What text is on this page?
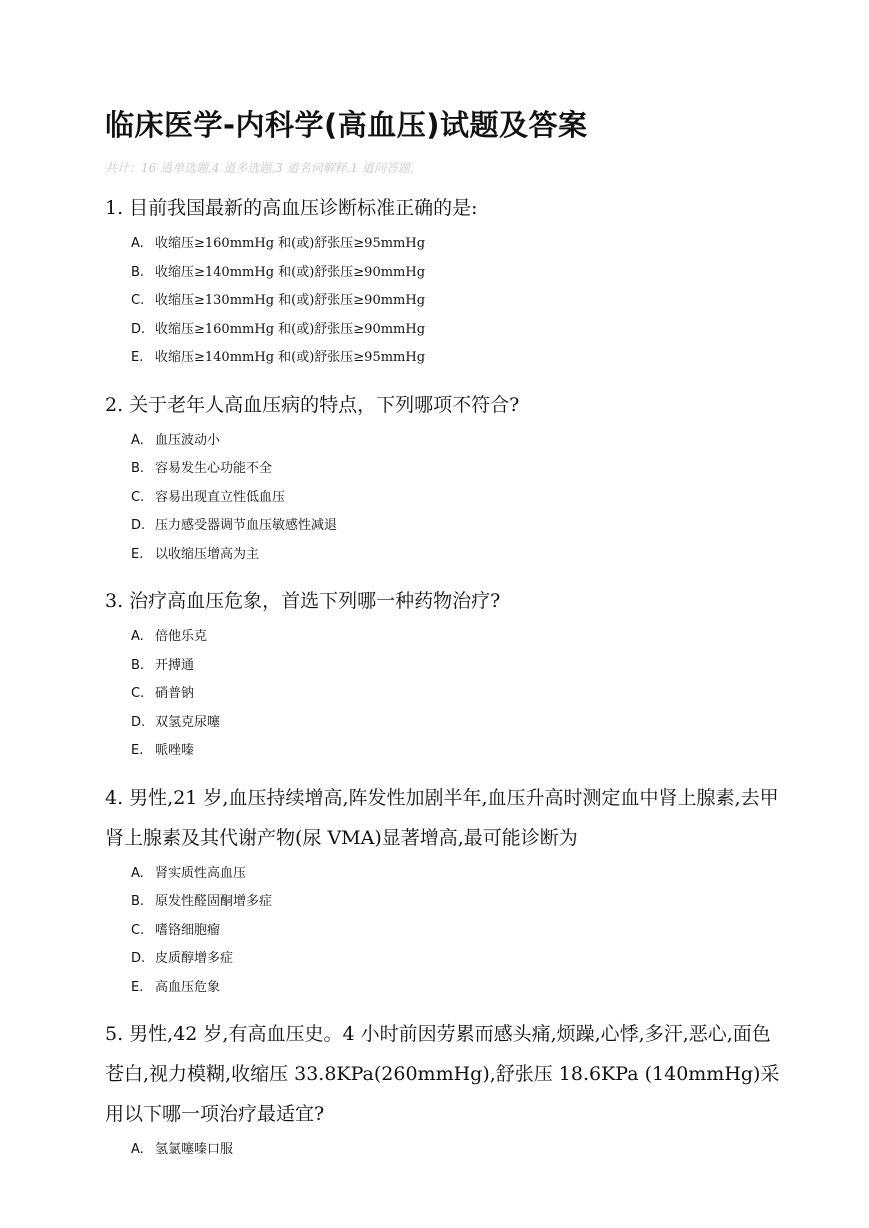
临床医学-内科学(高血压)试题及答案
共计：16 道单选题,4 道多选题,3 道名词解释,1 道问答题,

1. 目前我国最新的高血压诊断标准正确的是:

A. 收缩压≥160mmHg 和(或)舒张压≥95mmHg
B. 收缩压≥140mmHg 和(或)舒张压≥90mmHg
C. 收缩压≥130mmHg 和(或)舒张压≥90mmHg
D. 收缩压≥160mmHg 和(或)舒张压≥90mmHg
E. 收缩压≥140mmHg 和(或)舒张压≥95mmHg

2. 关于老年人高血压病的特点，下列哪项不符合?

A. 血压波动小
B. 容易发生心功能不全
C. 容易出现直立性低血压
D. 压力感受器调节血压敏感性减退
E. 以收缩压增高为主

3. 治疗高血压危象，首选下列哪一种药物治疗?

A. 倍他乐克
B. 开搏通
C. 硝普钠
D. 双氢克尿噻
E. 哌唑嗪

4. 男性,21 岁,血压持续增高,阵发性加剧半年,血压升高时测定血中肾上腺素,去甲肾上腺素及其代谢产物(尿 VMA)显著增高,最可能诊断为

A. 肾实质性高血压
B. 原发性醛固酮增多症
C. 嗜铬细胞瘤
D. 皮质醇增多症
E. 高血压危象

5. 男性,42 岁,有高血压史。4 小时前因劳累而感头痛,烦躁,心悸,多汗,恶心,面色苍白,视力模糊,收缩压 33.8KPa(260mmHg),舒张压 18.6KPa (140mmHg)采用以下哪一项治疗最适宜?

A. 氢氯噻嗪口服
